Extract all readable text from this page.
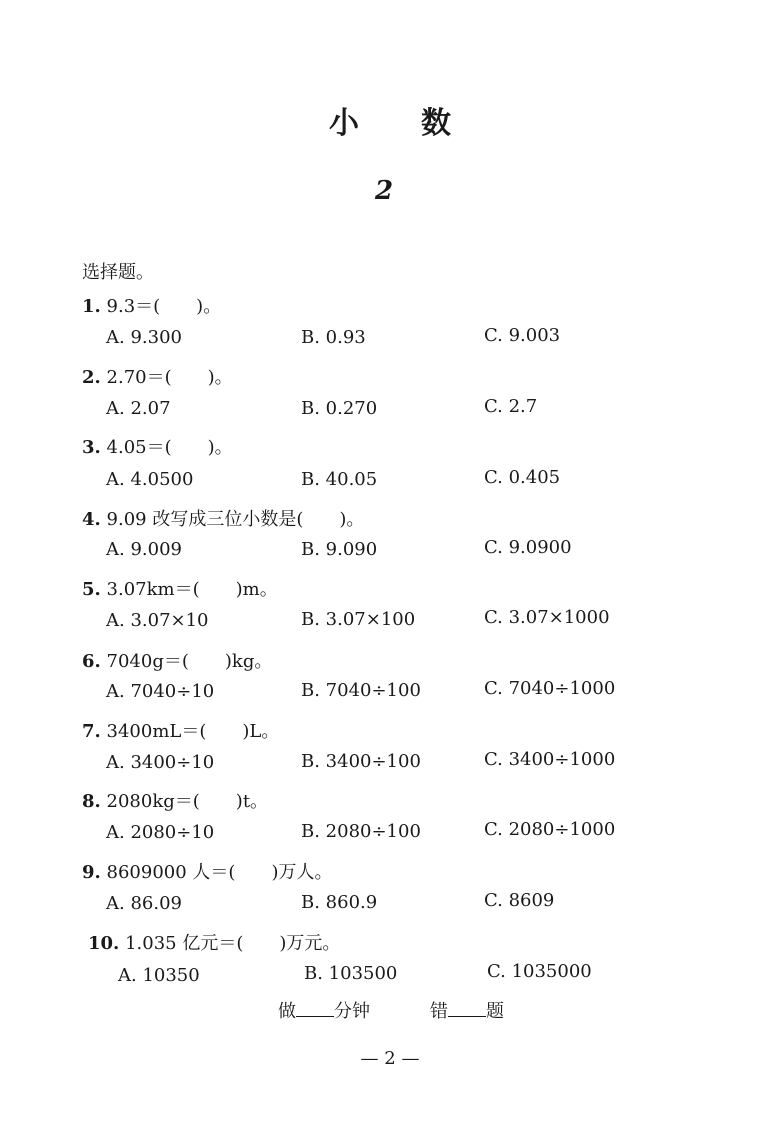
小 数
2
选择题。
1. 9.3＝(　　)。
A. 9.300	B. 0.93	C. 9.003
2. 2.70＝(　　)。
A. 2.07	B. 0.270	C. 2.7
3. 4.05＝(　　)。
A. 4.0500	B. 40.05	C. 0.405
4. 9.09 改写成三位小数是(　　)。
A. 9.009	B. 9.090	C. 9.0900
5. 3.07km＝(　　)m。
A. 3.07×10	B. 3.07×100	C. 3.07×1000
6. 7040g＝(　　)kg。
A. 7040÷10	B. 7040÷100	C. 7040÷1000
7. 3400mL＝(　　)L。
A. 3400÷10	B. 3400÷100	C. 3400÷1000
8. 2080kg＝(　　)t。
A. 2080÷10	B. 2080÷100	C. 2080÷1000
9. 8609000 人＝(　　)万人。
A. 86.09	B. 860.9	C. 8609
10. 1.035 亿元＝(　　)万元。
A. 10350	B. 103500	C. 1035000
做 分钟	错 题
— 2 —
